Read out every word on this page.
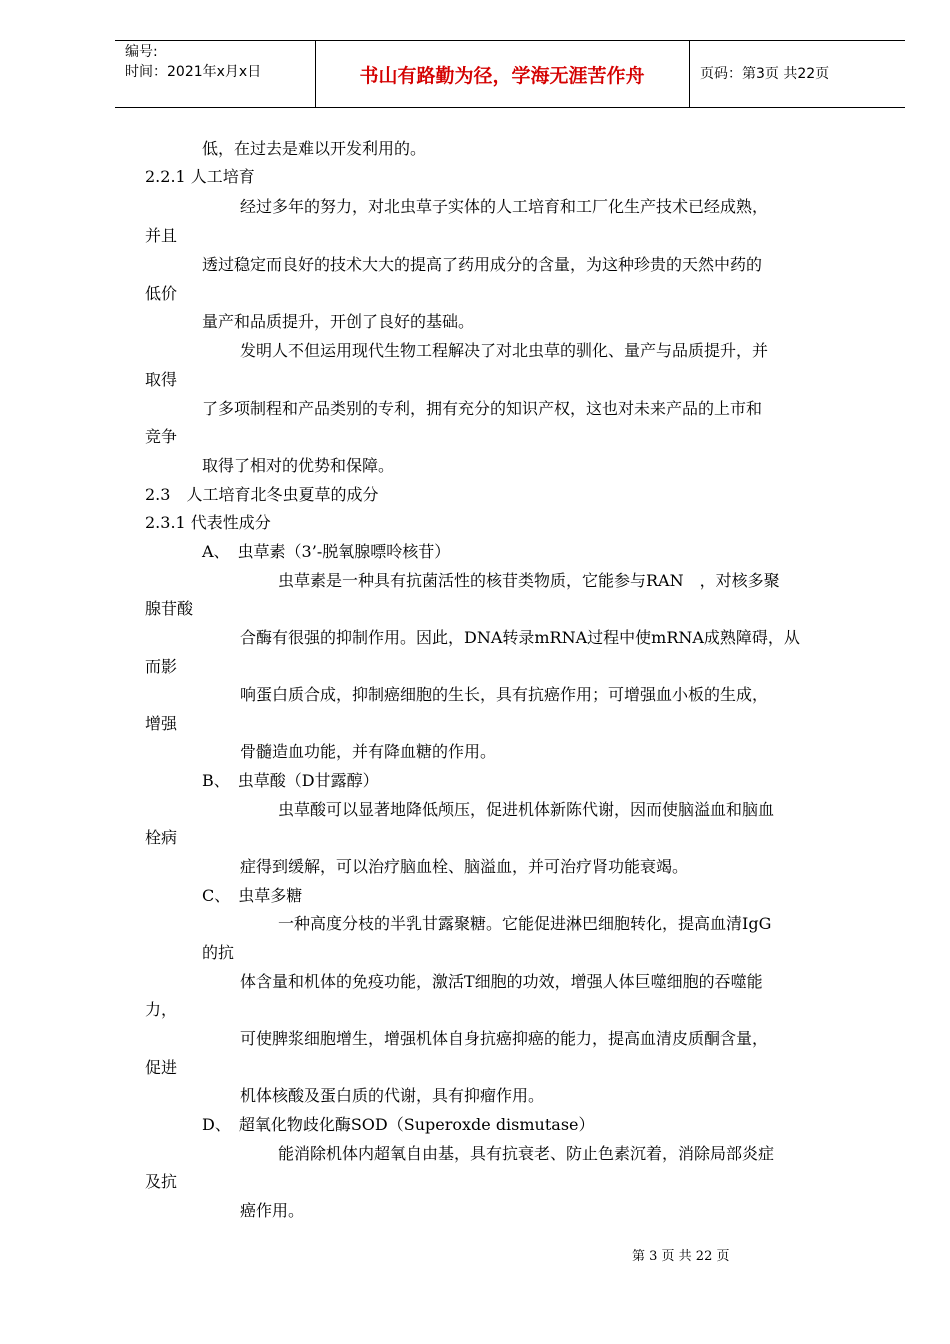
编号:
时间：2021年x月x日	书山有路勤为径，学海无涯苦作舟	页码：第3页 共22页
低，在过去是难以开发利用的。
2.2.1 人工培育
经过多年的努力，对北虫草子实体的人工培育和工厂化生产技术已经成熟，
并且
透过稳定而良好的技术大大的提高了药用成分的含量，为这种珍贵的天然中药的
低价
量产和品质提升，开创了良好的基础。
发明人不但运用现代生物工程解决了对北虫草的驯化、量产与品质提升，并
取得
了多项制程和产品类别的专利，拥有充分的知识产权，这也对未来产品的上市和
竞争
取得了相对的优势和保障。
2.3　人工培育北冬虫夏草的成分
2.3.1 代表性成分
A、　虫草素（3’-脱氧腺嘌呤核苷）
虫草素是一种具有抗菌活性的核苷类物质，它能参与RAN　，对核多聚
腺苷酸
合酶有很强的抑制作用。因此，DNA转录mRNA过程中使mRNA成熟障碍，从
而影
响蛋白质合成，抑制癌细胞的生长，具有抗癌作用；可增强血小板的生成，
增强
骨髓造血功能，并有降血糖的作用。
B、　虫草酸（D甘露醇）
虫草酸可以显著地降低颅压，促进机体新陈代谢，因而使脑溢血和脑血
栓病
症得到缓解，可以治疗脑血栓、脑溢血，并可治疗肾功能衰竭。
C、　虫草多糖
一种高度分枝的半乳甘露聚糖。它能促进淋巴细胞转化，提高血清IgG
的抗
体含量和机体的免疫功能，激活T细胞的功效，增强人体巨噬细胞的吞噬能
力，
可使脾浆细胞增生，增强机体自身抗癌抑癌的能力，提高血清皮质酮含量，
促进
机体核酸及蛋白质的代谢，具有抑瘤作用。
D、　超氧化物歧化酶SOD（Superoxde dismutase）
能消除机体内超氧自由基，具有抗衰老、防止色素沉着，消除局部炎症
及抗
癌作用。
第 3 页 共 22 页
